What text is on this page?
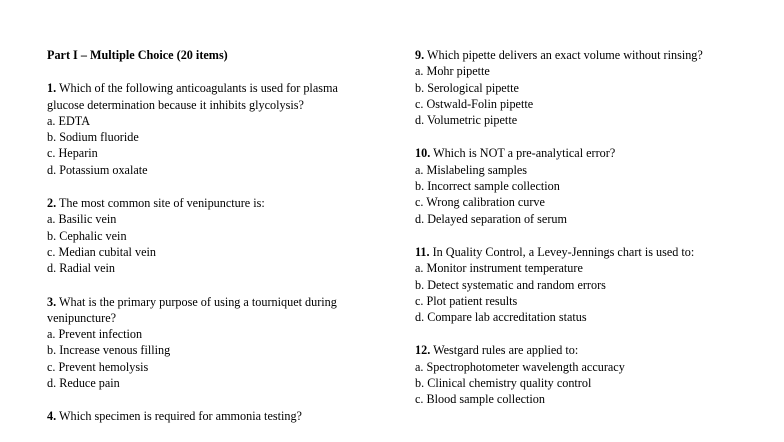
Part I – Multiple Choice (20 items)
1. Which of the following anticoagulants is used for plasma glucose determination because it inhibits glycolysis?
a. EDTA
b. Sodium fluoride
c. Heparin
d. Potassium oxalate
2. The most common site of venipuncture is:
a. Basilic vein
b. Cephalic vein
c. Median cubital vein
d. Radial vein
3. What is the primary purpose of using a tourniquet during venipuncture?
a. Prevent infection
b. Increase venous filling
c. Prevent hemolysis
d. Reduce pain
4. Which specimen is required for ammonia testing?
9. Which pipette delivers an exact volume without rinsing?
a. Mohr pipette
b. Serological pipette
c. Ostwald-Folin pipette
d. Volumetric pipette
10. Which is NOT a pre-analytical error?
a. Mislabeling samples
b. Incorrect sample collection
c. Wrong calibration curve
d. Delayed separation of serum
11. In Quality Control, a Levey-Jennings chart is used to:
a. Monitor instrument temperature
b. Detect systematic and random errors
c. Plot patient results
d. Compare lab accreditation status
12. Westgard rules are applied to:
a. Spectrophotometer wavelength accuracy
b. Clinical chemistry quality control
c. Blood sample collection
